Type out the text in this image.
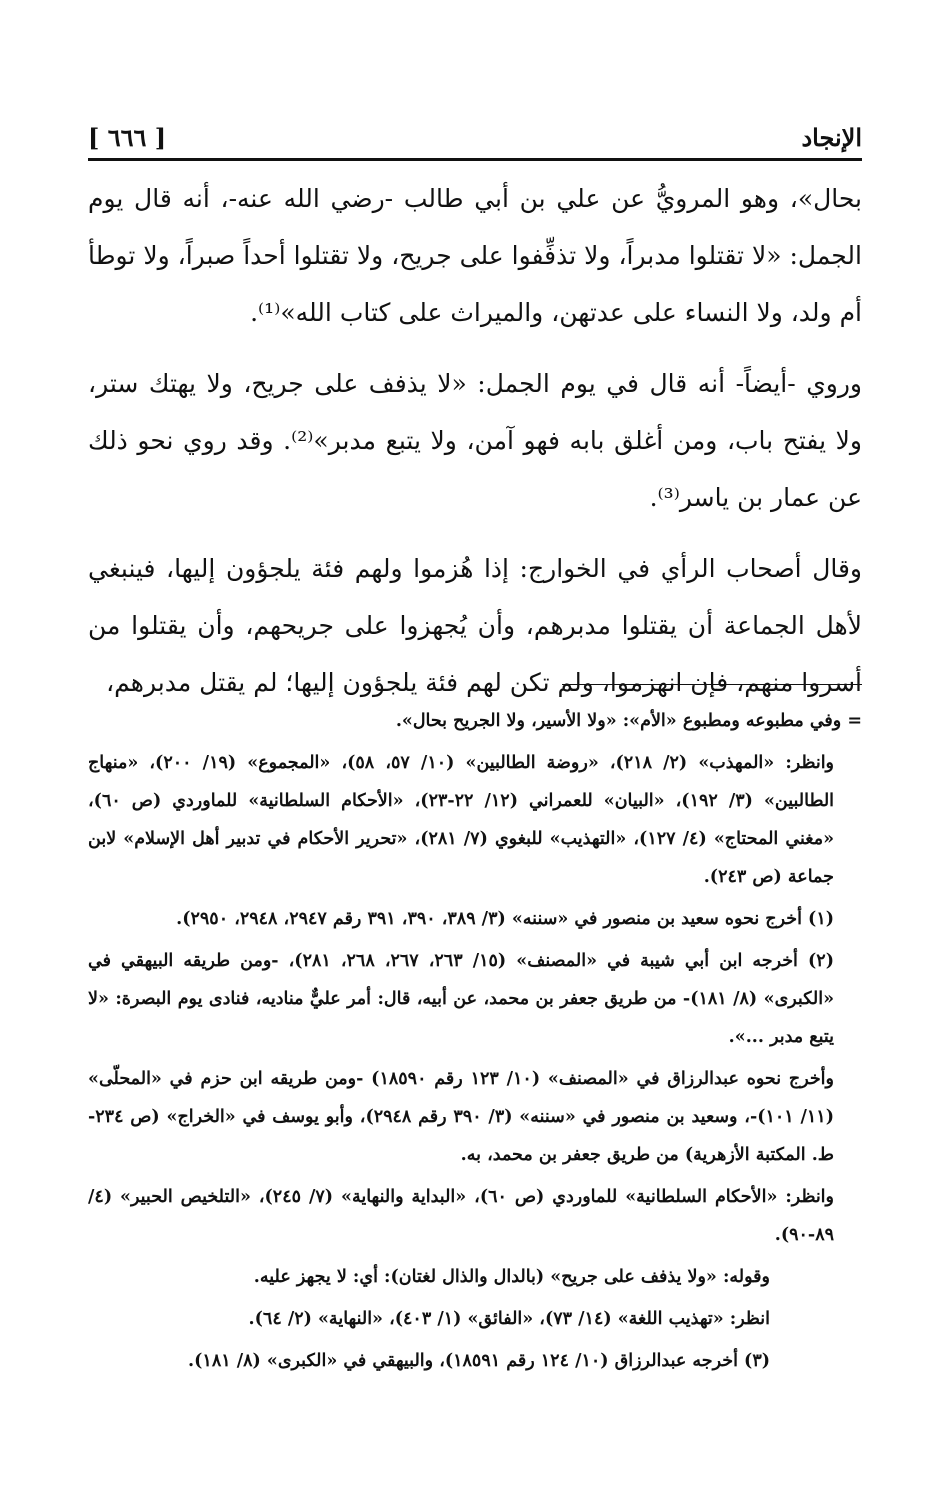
الإنجاد
[ ٦٦٦ ]

بحال»، وهو المرويُّ عن علي بن أبي طالب -رضي الله عنه-، أنه قال يوم الجمل: «لا تقتلوا مدبراً، ولا تذفِّفوا على جريح، ولا تقتلوا أحداً صبراً، ولا توطأ أم ولد، ولا النساء على عدتهن، والميراث على كتاب الله»⁽¹⁾.

وروي -أيضاً- أنه قال في يوم الجمل: «لا يذفف على جريح، ولا يهتك ستر، ولا يفتح باب، ومن أغلق بابه فهو آمن، ولا يتبع مدبر»⁽²⁾. وقد روي نحو ذلك عن عمار بن ياسر⁽³⁾.

وقال أصحاب الرأي في الخوارج: إذا هُزموا ولهم فئة يلجؤون إليها، فينبغي لأهل الجماعة أن يقتلوا مدبرهم، وأن يُجهزوا على جريحهم، وأن يقتلوا من أسروا منهم، فإن انهزموا، ولم تكن لهم فئة يلجؤون إليها؛ لم يقتل مدبرهم،

= وفي مطبوعه ومطبوع «الأم»: «ولا الأسير، ولا الجريح بحال».

وانظر: «المهذب» (٢/ ٢١٨)، «روضة الطالبين» (١٠/ ٥٧، ٥٨)، «المجموع» (١٩/ ٢٠٠)، «منهاج الطالبين» (٣/ ١٩٢)، «البيان» للعمراني (١٢/ ٢٢-٢٣)، «الأحكام السلطانية» للماوردي (ص ٦٠)، «مغني المحتاج» (٤/ ١٢٧)، «التهذيب» للبغوي (٧/ ٢٨١)، «تحرير الأحكام في تدبير أهل الإسلام» لابن جماعة (ص ٢٤٣).

(١) أخرج نحوه سعيد بن منصور في «سننه» (٣/ ٣٨٩، ٣٩٠، ٣٩١ رقم ٢٩٤٧، ٢٩٤٨، ٢٩٥٠).

(٢) أخرجه ابن أبي شيبة في «المصنف» (١٥/ ٢٦٣، ٢٦٧، ٢٦٨، ٢٨١)، -ومن طريقه البيهقي في «الكبرى» (٨/ ١٨١)- من طريق جعفر بن محمد، عن أبيه، قال: أمر عليٌّ مناديه، فنادى يوم البصرة: «لا يتبع مدبر ...».

وأخرج نحوه عبدالرزاق في «المصنف» (١٠/ ١٢٣ رقم ١٨٥٩٠) -ومن طريقه ابن حزم في «المحلّى» (١١/ ١٠١)-، وسعيد بن منصور في «سننه» (٣/ ٣٩٠ رقم ٢٩٤٨)، وأبو يوسف في «الخراج» (ص ٢٣٤- ط. المكتبة الأزهرية) من طريق جعفر بن محمد، به.

وانظر: «الأحكام السلطانية» للماوردي (ص ٦٠)، «البداية والنهاية» (٧/ ٢٤٥)، «التلخيص الحبير» (٤/ ٨٩-٩٠).

وقوله: «ولا يذفف على جريح» (بالدال والذال لغتان): أي: لا يجهز عليه.

انظر: «تهذيب اللغة» (١٤/ ٧٣)، «الفائق» (١/ ٤٠٣)، «النهاية» (٢/ ٦٤).

(٣) أخرجه عبدالرزاق (١٠/ ١٢٤ رقم ١٨٥٩١)، والبيهقي في «الكبرى» (٨/ ١٨١).
